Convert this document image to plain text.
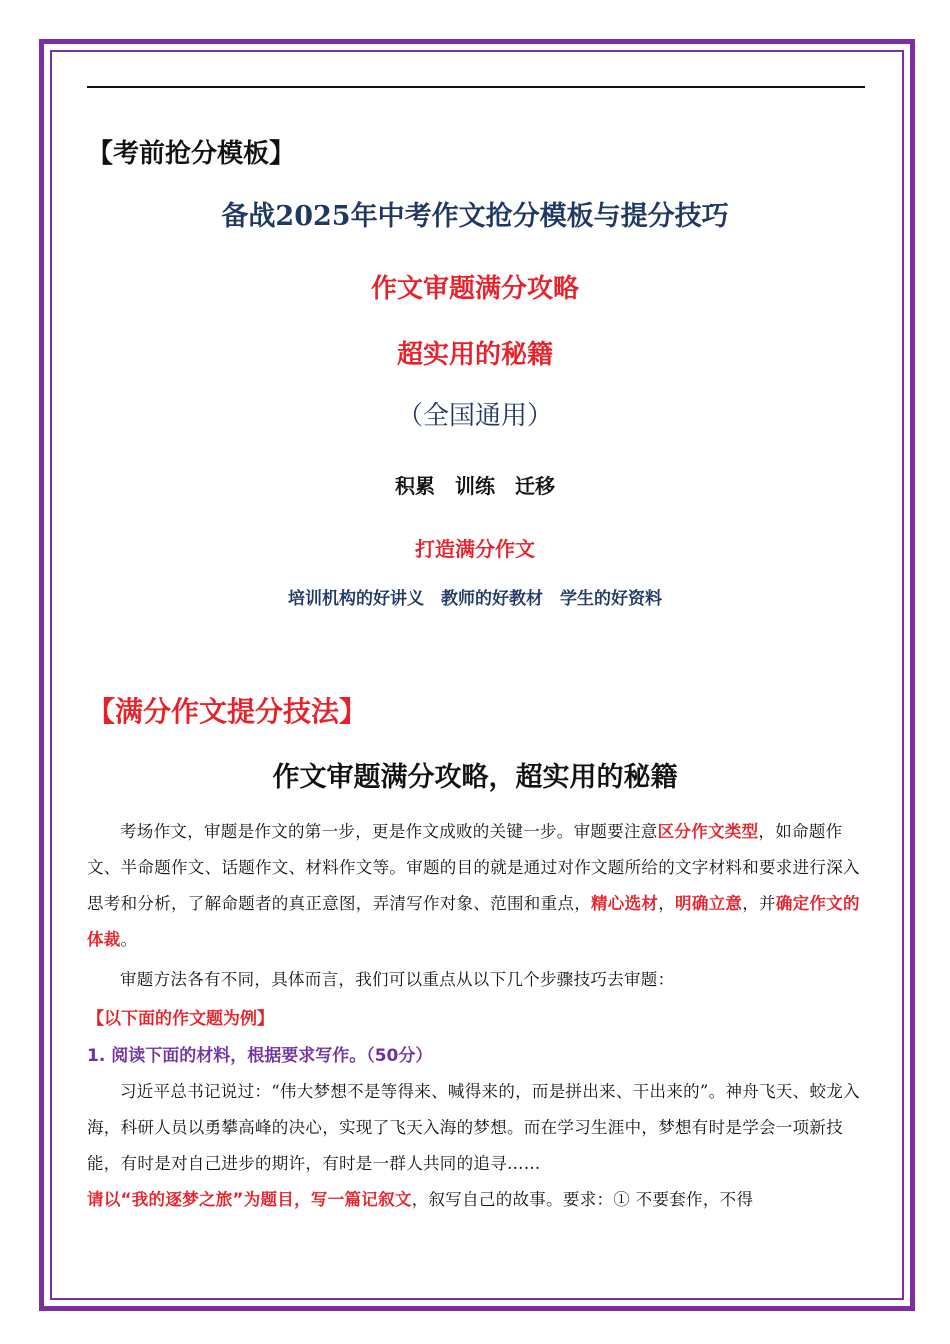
【考前抢分模板】
备战2025年中考作文抢分模板与提分技巧
作文审题满分攻略
超实用的秘籍
（全国通用）
积累　训练　迁移
打造满分作文
培训机构的好讲义　教师的好教材　学生的好资料
【满分作文提分技法】
作文审题满分攻略，超实用的秘籍

考场作文，审题是作文的第一步，更是作文成败的关键一步。审题要注意区分作文类型，如命题作文、半命题作文、话题作文、材料作文等。审题的目的就是通过对作文题所给的文字材料和要求进行深入思考和分析，了解命题者的真正意图，弄清写作对象、范围和重点，精心选材，明确立意，并确定作文的体裁。

审题方法各有不同，具体而言，我们可以重点从以下几个步骤技巧去审题：

【以下面的作文题为例】
1. 阅读下面的材料，根据要求写作。（50分）

习近平总书记说过：“伟大梦想不是等得来、喊得来的，而是拼出来、干出来的”。神舟飞天、蛟龙入海，科研人员以勇攀高峰的决心，实现了飞天入海的梦想。而在学习生涯中，梦想有时是学会一项新技能，有时是对自己进步的期许，有时是一群人共同的追寻……

请以“我的逐梦之旅”为题目，写一篇记叙文，叙写自己的故事。要求：① 不要套作，不得
